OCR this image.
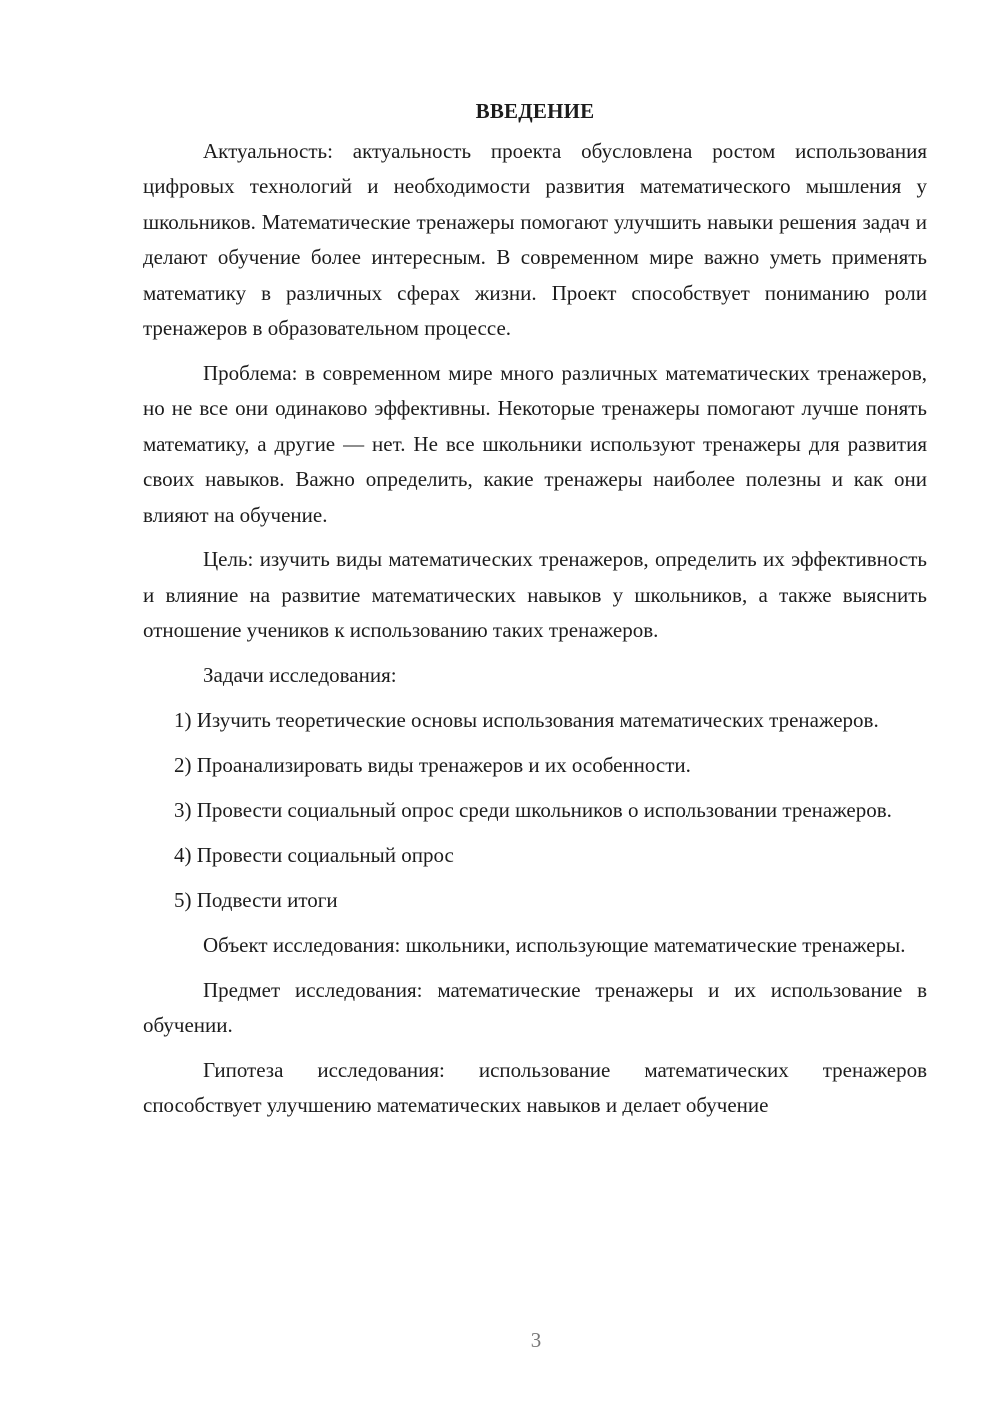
ВВЕДЕНИЕ

Актуальность: актуальность проекта обусловлена ростом использования цифровых технологий и необходимости развития математического мышления у школьников. Математические тренажеры помогают улучшить навыки решения задач и делают обучение более интересным. В современном мире важно уметь применять математику в различных сферах жизни. Проект способствует пониманию роли тренажеров в образовательном процессе.

Проблема: в современном мире много различных математических тренажеров, но не все они одинаково эффективны. Некоторые тренажеры помогают лучше понять математику, а другие — нет. Не все школьники используют тренажеры для развития своих навыков. Важно определить, какие тренажеры наиболее полезны и как они влияют на обучение.

Цель: изучить виды математических тренажеров, определить их эффективность и влияние на развитие математических навыков у школьников, а также выяснить отношение учеников к использованию таких тренажеров.

Задачи исследования:

1) Изучить теоретические основы использования математических тренажеров.

2) Проанализировать виды тренажеров и их особенности.

3) Провести социальный опрос среди школьников о использовании тренажеров.

4) Провести социальный опрос

5) Подвести итоги

Объект исследования: школьники, использующие математические тренажеры.

Предмет исследования: математические тренажеры и их использование в обучении.

Гипотеза исследования: использование математических тренажеров способствует улучшению математических навыков и делает обучение

3
